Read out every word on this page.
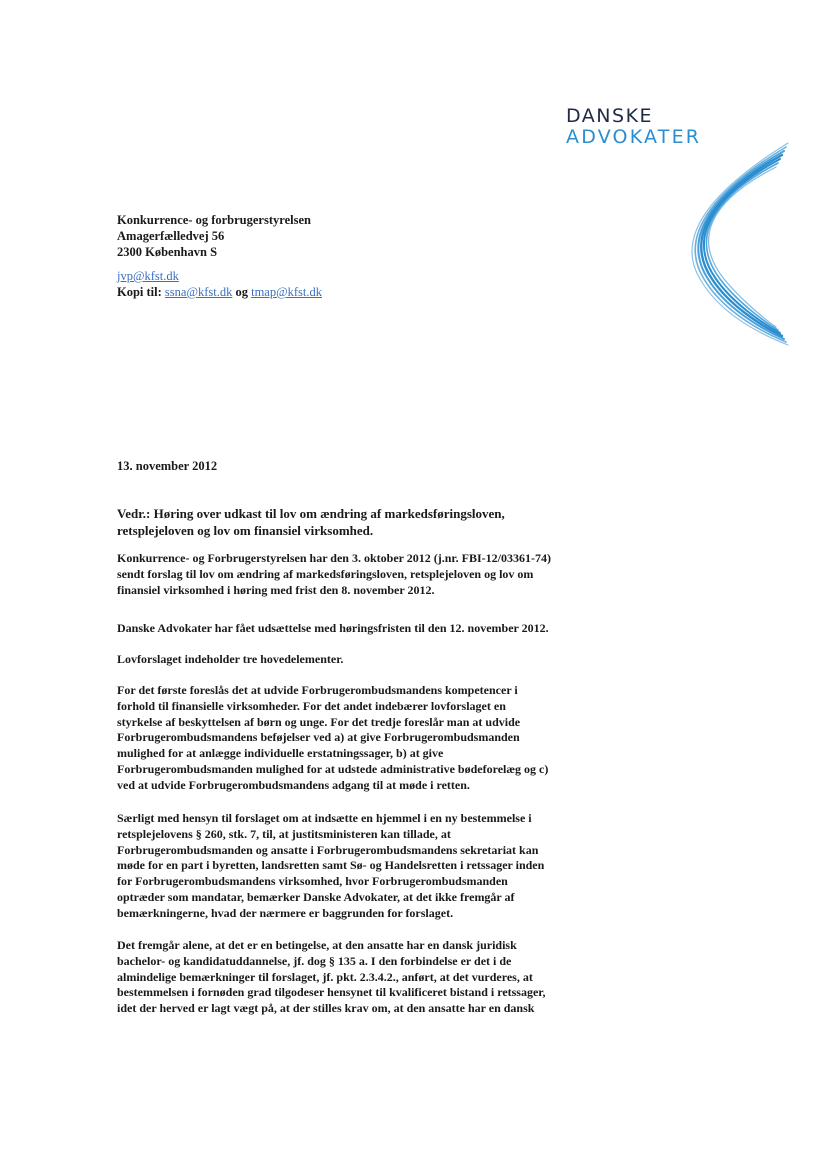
DANSKE
ADVOKATER
Konkurrence- og forbrugerstyrelsen
Amagerfælledvej 56
2300 København S
jvp@kfst.dk
Kopi til: ssna@kfst.dk og tmap@kfst.dk
13. november 2012
Vedr.: Høring over udkast til lov om ændring af markedsføringsloven,
retsplejeloven og lov om finansiel virksomhed.
Konkurrence- og Forbrugerstyrelsen har den 3. oktober 2012 (j.nr. FBI-12/03361-74)
sendt forslag til lov om ændring af markedsføringsloven, retsplejeloven og lov om
finansiel virksomhed i høring med frist den 8. november 2012.
Danske Advokater har fået udsættelse med høringsfristen til den 12. november 2012.
Lovforslaget indeholder tre hovedelementer.
For det første foreslås det at udvide Forbrugerombudsmandens kompetencer i
forhold til finansielle virksomheder. For det andet indebærer lovforslaget en
styrkelse af beskyttelsen af børn og unge. For det tredje foreslår man at udvide
Forbrugerombudsmandens beføjelser ved a) at give Forbrugerombudsmanden
mulighed for at anlægge individuelle erstatningssager, b) at give
Forbrugerombudsmanden mulighed for at udstede administrative bødeforelæg og c)
ved at udvide Forbrugerombudsmandens adgang til at møde i retten.
Særligt med hensyn til forslaget om at indsætte en hjemmel i en ny bestemmelse i
retsplejelovens § 260, stk. 7, til, at justitsministeren kan tillade, at
Forbrugerombudsmanden og ansatte i Forbrugerombudsmandens sekretariat kan
møde for en part i byretten, landsretten samt Sø- og Handelsretten i retssager inden
for Forbrugerombudsmandens virksomhed, hvor Forbrugerombudsmanden
optræder som mandatar, bemærker Danske Advokater, at det ikke fremgår af
bemærkningerne, hvad der nærmere er baggrunden for forslaget.
Det fremgår alene, at det er en betingelse, at den ansatte har en dansk juridisk
bachelor- og kandidatuddannelse, jf. dog § 135 a. I den forbindelse er det i de
almindelige bemærkninger til forslaget, jf. pkt. 2.3.4.2., anført, at det vurderes, at
bestemmelsen i fornøden grad tilgodeser hensynet til kvalificeret bistand i retssager,
idet der herved er lagt vægt på, at der stilles krav om, at den ansatte har en dansk
